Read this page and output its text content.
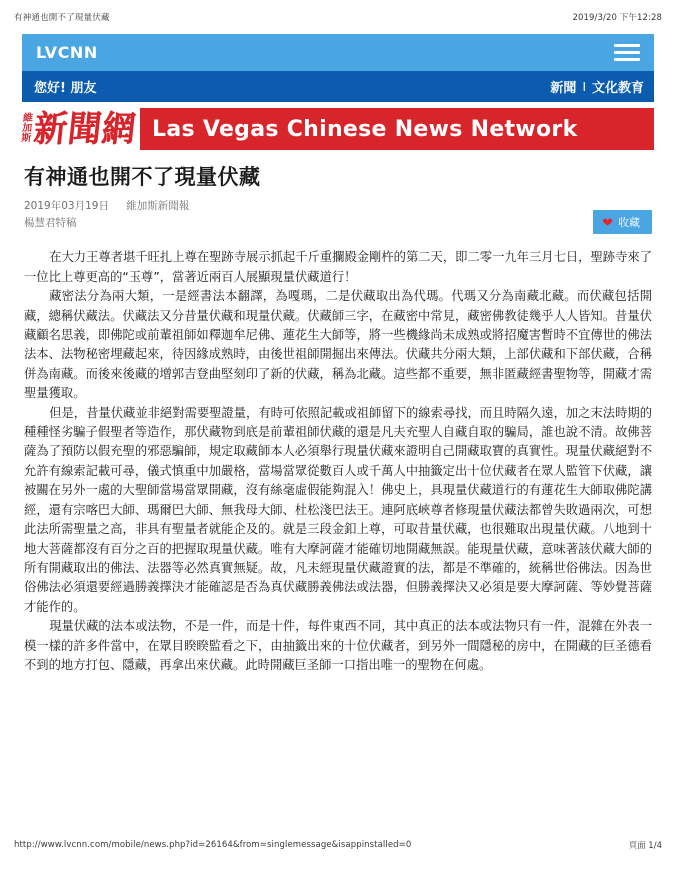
有神通也開不了現量伏藏	2019/3/20 下午12:28
LVCNN
您好! 朋友	新聞 I 文化教育
維
加
斯 新聞網 Las Vegas Chinese News Network
有神通也開不了現量伏藏
2019年03月19日 維加斯新聞報
楊慧君特稿	❤ 收藏

在大力王尊者堪千旺扎上尊在聖跡寺展示抓起千斤重攔殿金剛杵的第二天，即二零一九年三月七日，聖跡寺來了一位比上尊更高的“玉尊”，當著近兩百人展顯現量伏藏道行！

藏密法分為兩大類，一是經書法本翻譯，為嘎瑪，二是伏藏取出為代瑪。代瑪又分為南藏北藏。而伏藏包括開藏，總稱伏藏法。伏藏法又分昔量伏藏和現量伏藏。伏藏師三字，在藏密中常見，藏密佛教徒幾乎人人皆知。昔量伏藏顧名思義，即佛陀或前輩祖師如釋迦牟尼佛、蓮花生大師等，將一些機緣尚未成熟或將招魔害暫時不宜傳世的佛法法本、法物秘密埋藏起來，待因緣成熟時，由後世祖師開掘出來傳法。伏藏共分兩大類，上部伏藏和下部伏藏，合稱併為南藏。而後來後藏的增郭吉登曲堅刻印了新的伏藏，稱為北藏。這些都不重要，無非匿藏經書聖物等，開藏才需聖量獲取。

但是，昔量伏藏並非絕對需要聖證量，有時可依照記載或祖師留下的線索尋找，而且時隔久遠，加之末法時期的種種怪劣騙子假聖者等造作，那伏藏物到底是前輩祖師伏藏的還是凡夫充聖人自藏自取的騙局，誰也說不清。故佛菩薩為了預防以假充聖的邪惡騙師，規定取藏師本人必須舉行現量伏藏來證明自己開藏取寶的真實性。現量伏藏絕對不允許有線索記載可尋，儀式慎重中加嚴格，當場當眾從數百人或千萬人中抽籤定出十位伏藏者在眾人監管下伏藏，讓被關在另外一處的大聖師當場當眾開藏，沒有絲毫虛假能夠混入！佛史上，具現量伏藏道行的有蓮花生大師取佛陀講經，還有宗喀巴大師、瑪爾巴大師、無我母大師、杜松淺巴法王。連阿底峽尊者修現量伏藏法都曾失敗過兩次，可想此法所需聖量之高，非具有聖量者就能企及的。就是三段金釦上尊，可取昔量伏藏，也很難取出現量伏藏。八地到十地大菩薩都沒有百分之百的把握取現量伏藏。唯有大摩訶薩才能確切地開藏無誤。能現量伏藏，意味著該伏藏大師的所有開藏取出的佛法、法器等必然真實無疑。故，凡未經現量伏藏證實的法，都是不準確的，統稱世俗佛法。因為世俗佛法必須還要經過勝義擇決才能確認是否為真伏藏勝義佛法或法器，但勝義擇決又必須是要大摩訶薩、等妙覺菩薩才能作的。

現量伏藏的法本或法物，不是一件，而是十件，每件東西不同，其中真正的法本或法物只有一件，混雜在外表一模一樣的許多件當中，在眾目睽睽監看之下，由抽籤出來的十位伏藏者，到另外一間隱秘的房中，在開藏的巨圣德看不到的地方打包、隱藏，再拿出來伏藏。此時開藏巨圣師一口指出唯一的聖物在何處。

http://www.lvcnn.com/mobile/news.php?id=26164&from=singlemessage&isappinstalled=0	頁面 1/4
